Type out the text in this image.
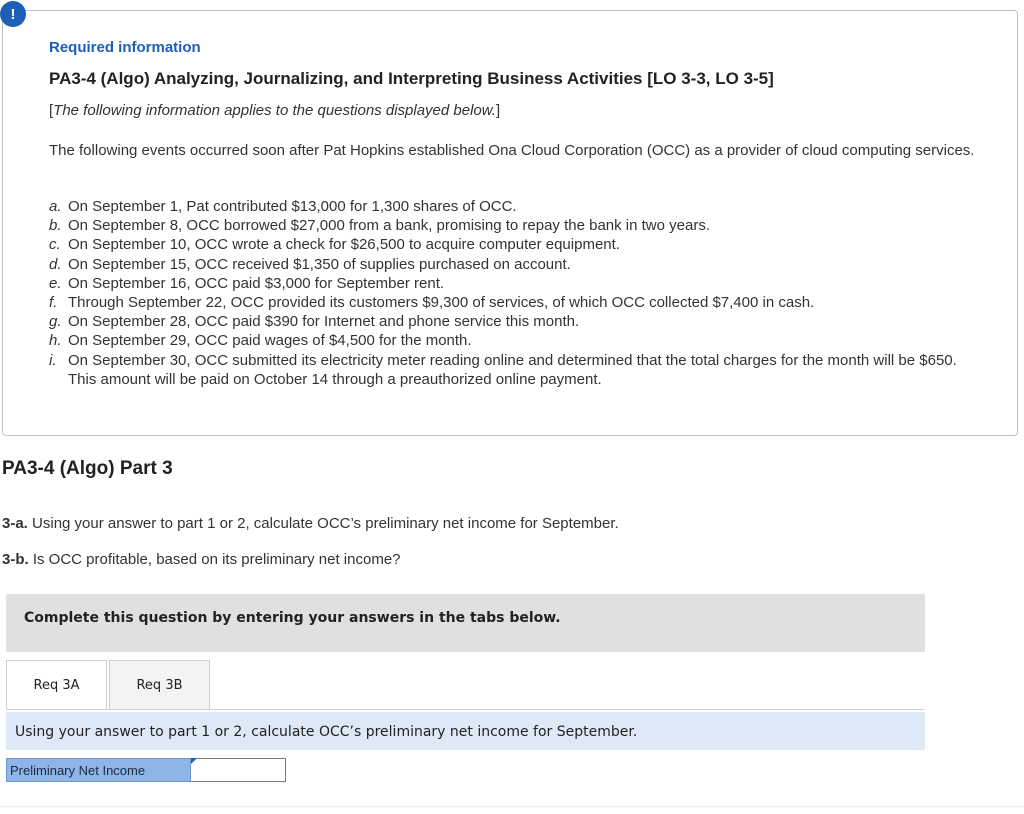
!
Required information
PA3-4 (Algo) Analyzing, Journalizing, and Interpreting Business Activities [LO 3-3, LO 3-5]
[The following information applies to the questions displayed below.]
The following events occurred soon after Pat Hopkins established Ona Cloud Corporation (OCC) as a provider of cloud computing services.
a. On September 1, Pat contributed $13,000 for 1,300 shares of OCC.
b. On September 8, OCC borrowed $27,000 from a bank, promising to repay the bank in two years.
c. On September 10, OCC wrote a check for $26,500 to acquire computer equipment.
d. On September 15, OCC received $1,350 of supplies purchased on account.
e. On September 16, OCC paid $3,000 for September rent.
f. Through September 22, OCC provided its customers $9,300 of services, of which OCC collected $7,400 in cash.
g. On September 28, OCC paid $390 for Internet and phone service this month.
h. On September 29, OCC paid wages of $4,500 for the month.
i. On September 30, OCC submitted its electricity meter reading online and determined that the total charges for the month will be $650. This amount will be paid on October 14 through a preauthorized online payment.
PA3-4 (Algo) Part 3
3-a. Using your answer to part 1 or 2, calculate OCC’s preliminary net income for September.
3-b. Is OCC profitable, based on its preliminary net income?
Complete this question by entering your answers in the tabs below.
Req 3A	Req 3B
Using your answer to part 1 or 2, calculate OCC’s preliminary net income for September.
Preliminary Net Income
